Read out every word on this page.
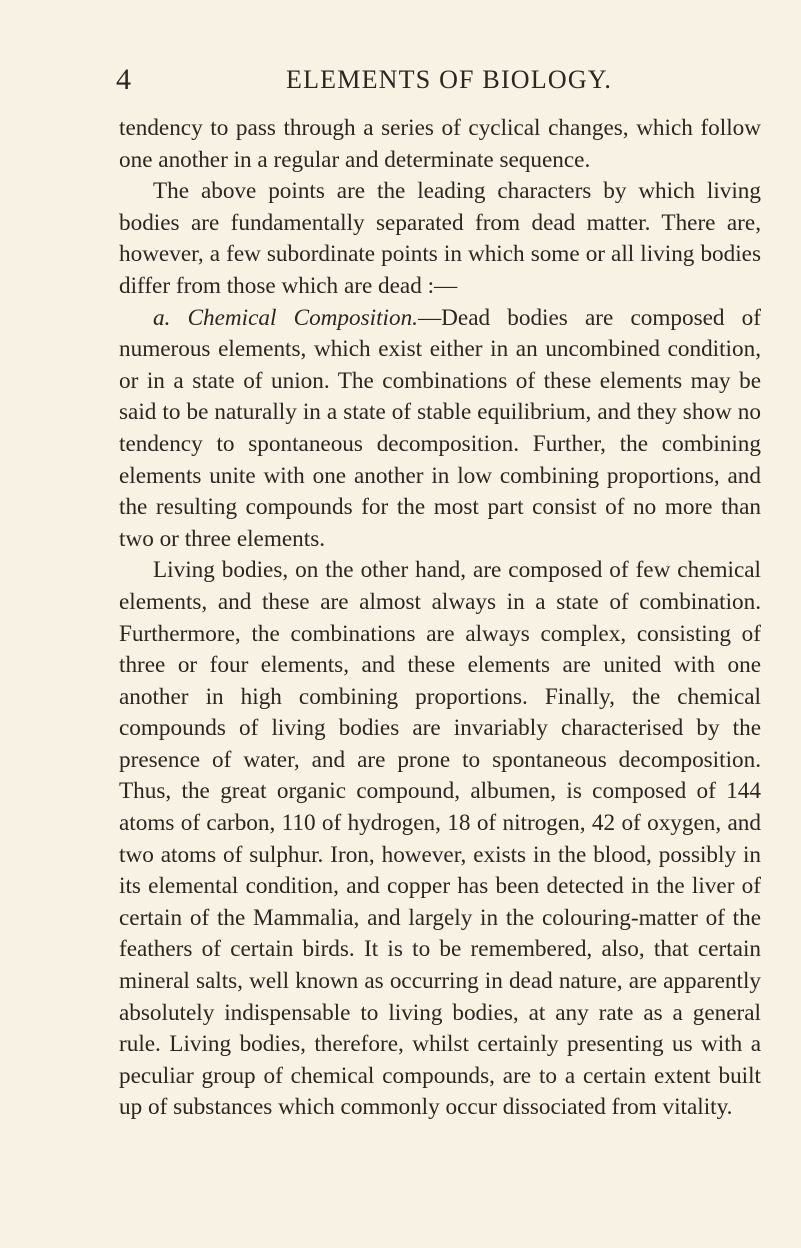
4	ELEMENTS OF BIOLOGY.

tendency to pass through a series of cyclical changes, which follow one another in a regular and determinate sequence.

The above points are the leading characters by which living bodies are fundamentally separated from dead matter. There are, however, a few subordinate points in which some or all living bodies differ from those which are dead :—

a. Chemical Composition.—Dead bodies are composed of numerous elements, which exist either in an uncombined condition, or in a state of union. The combinations of these elements may be said to be naturally in a state of stable equilibrium, and they show no tendency to spontaneous decomposition. Further, the combining elements unite with one another in low combining proportions, and the resulting compounds for the most part consist of no more than two or three elements.

Living bodies, on the other hand, are composed of few chemical elements, and these are almost always in a state of combination. Furthermore, the combinations are always complex, consisting of three or four elements, and these elements are united with one another in high combining proportions. Finally, the chemical compounds of living bodies are invariably characterised by the presence of water, and are prone to spontaneous decomposition. Thus, the great organic compound, albumen, is composed of 144 atoms of carbon, 110 of hydrogen, 18 of nitrogen, 42 of oxygen, and two atoms of sulphur. Iron, however, exists in the blood, possibly in its elemental condition, and copper has been detected in the liver of certain of the Mammalia, and largely in the colouring-matter of the feathers of certain birds. It is to be remembered, also, that certain mineral salts, well known as occurring in dead nature, are apparently absolutely indispensable to living bodies, at any rate as a general rule. Living bodies, therefore, whilst certainly presenting us with a peculiar group of chemical compounds, are to a certain extent built up of substances which commonly occur dissociated from vitality.
